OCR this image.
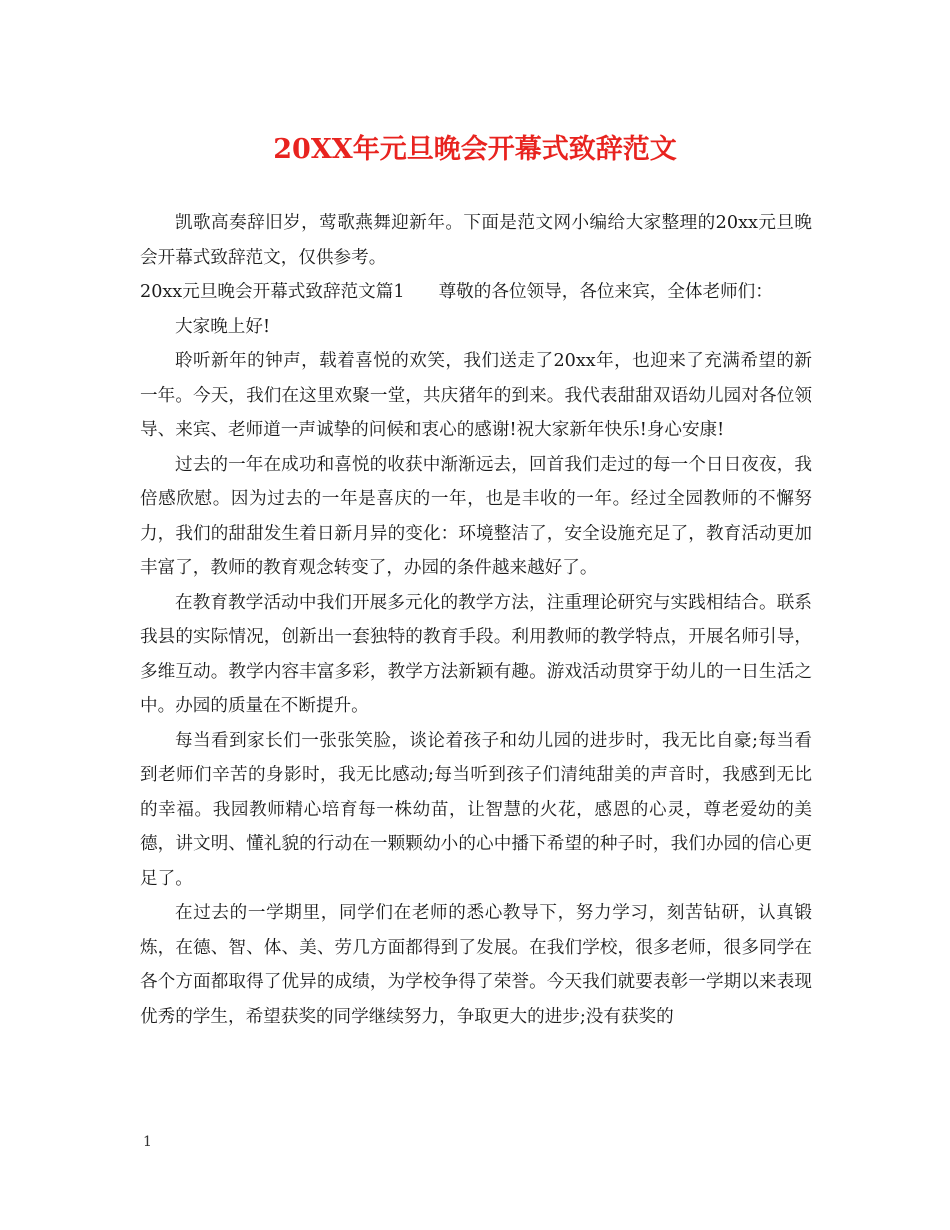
20XX年元旦晚会开幕式致辞范文

凯歌高奏辞旧岁，莺歌燕舞迎新年。下面是范文网小编给大家整理的20xx元旦晚会开幕式致辞范文，仅供参考。

20xx元旦晚会开幕式致辞范文篇1 尊敬的各位领导，各位来宾，全体老师们：

大家晚上好!

聆听新年的钟声，载着喜悦的欢笑，我们送走了20xx年，也迎来了充满希望的新一年。今天，我们在这里欢聚一堂，共庆猪年的到来。我代表甜甜双语幼儿园对各位领导、来宾、老师道一声诚挚的问候和衷心的感谢!祝大家新年快乐!身心安康!

过去的一年在成功和喜悦的收获中渐渐远去，回首我们走过的每一个日日夜夜，我倍感欣慰。因为过去的一年是喜庆的一年，也是丰收的一年。经过全园教师的不懈努力，我们的甜甜发生着日新月异的变化：环境整洁了，安全设施充足了，教育活动更加丰富了，教师的教育观念转变了，办园的条件越来越好了。

在教育教学活动中我们开展多元化的教学方法，注重理论研究与实践相结合。联系我县的实际情况，创新出一套独特的教育手段。利用教师的教学特点，开展名师引导，多维互动。教学内容丰富多彩，教学方法新颖有趣。游戏活动贯穿于幼儿的一日生活之中。办园的质量在不断提升。

每当看到家长们一张张笑脸，谈论着孩子和幼儿园的进步时，我无比自豪;每当看到老师们辛苦的身影时，我无比感动;每当听到孩子们清纯甜美的声音时，我感到无比的幸福。我园教师精心培育每一株幼苗，让智慧的火花，感恩的心灵，尊老爱幼的美德，讲文明、懂礼貌的行动在一颗颗幼小的心中播下希望的种子时，我们办园的信心更足了。

在过去的一学期里，同学们在老师的悉心教导下，努力学习，刻苦钻研，认真锻炼，在德、智、体、美、劳几方面都得到了发展。在我们学校，很多老师，很多同学在各个方面都取得了优异的成绩，为学校争得了荣誉。今天我们就要表彰一学期以来表现优秀的学生，希望获奖的同学继续努力，争取更大的进步;没有获奖的

1
